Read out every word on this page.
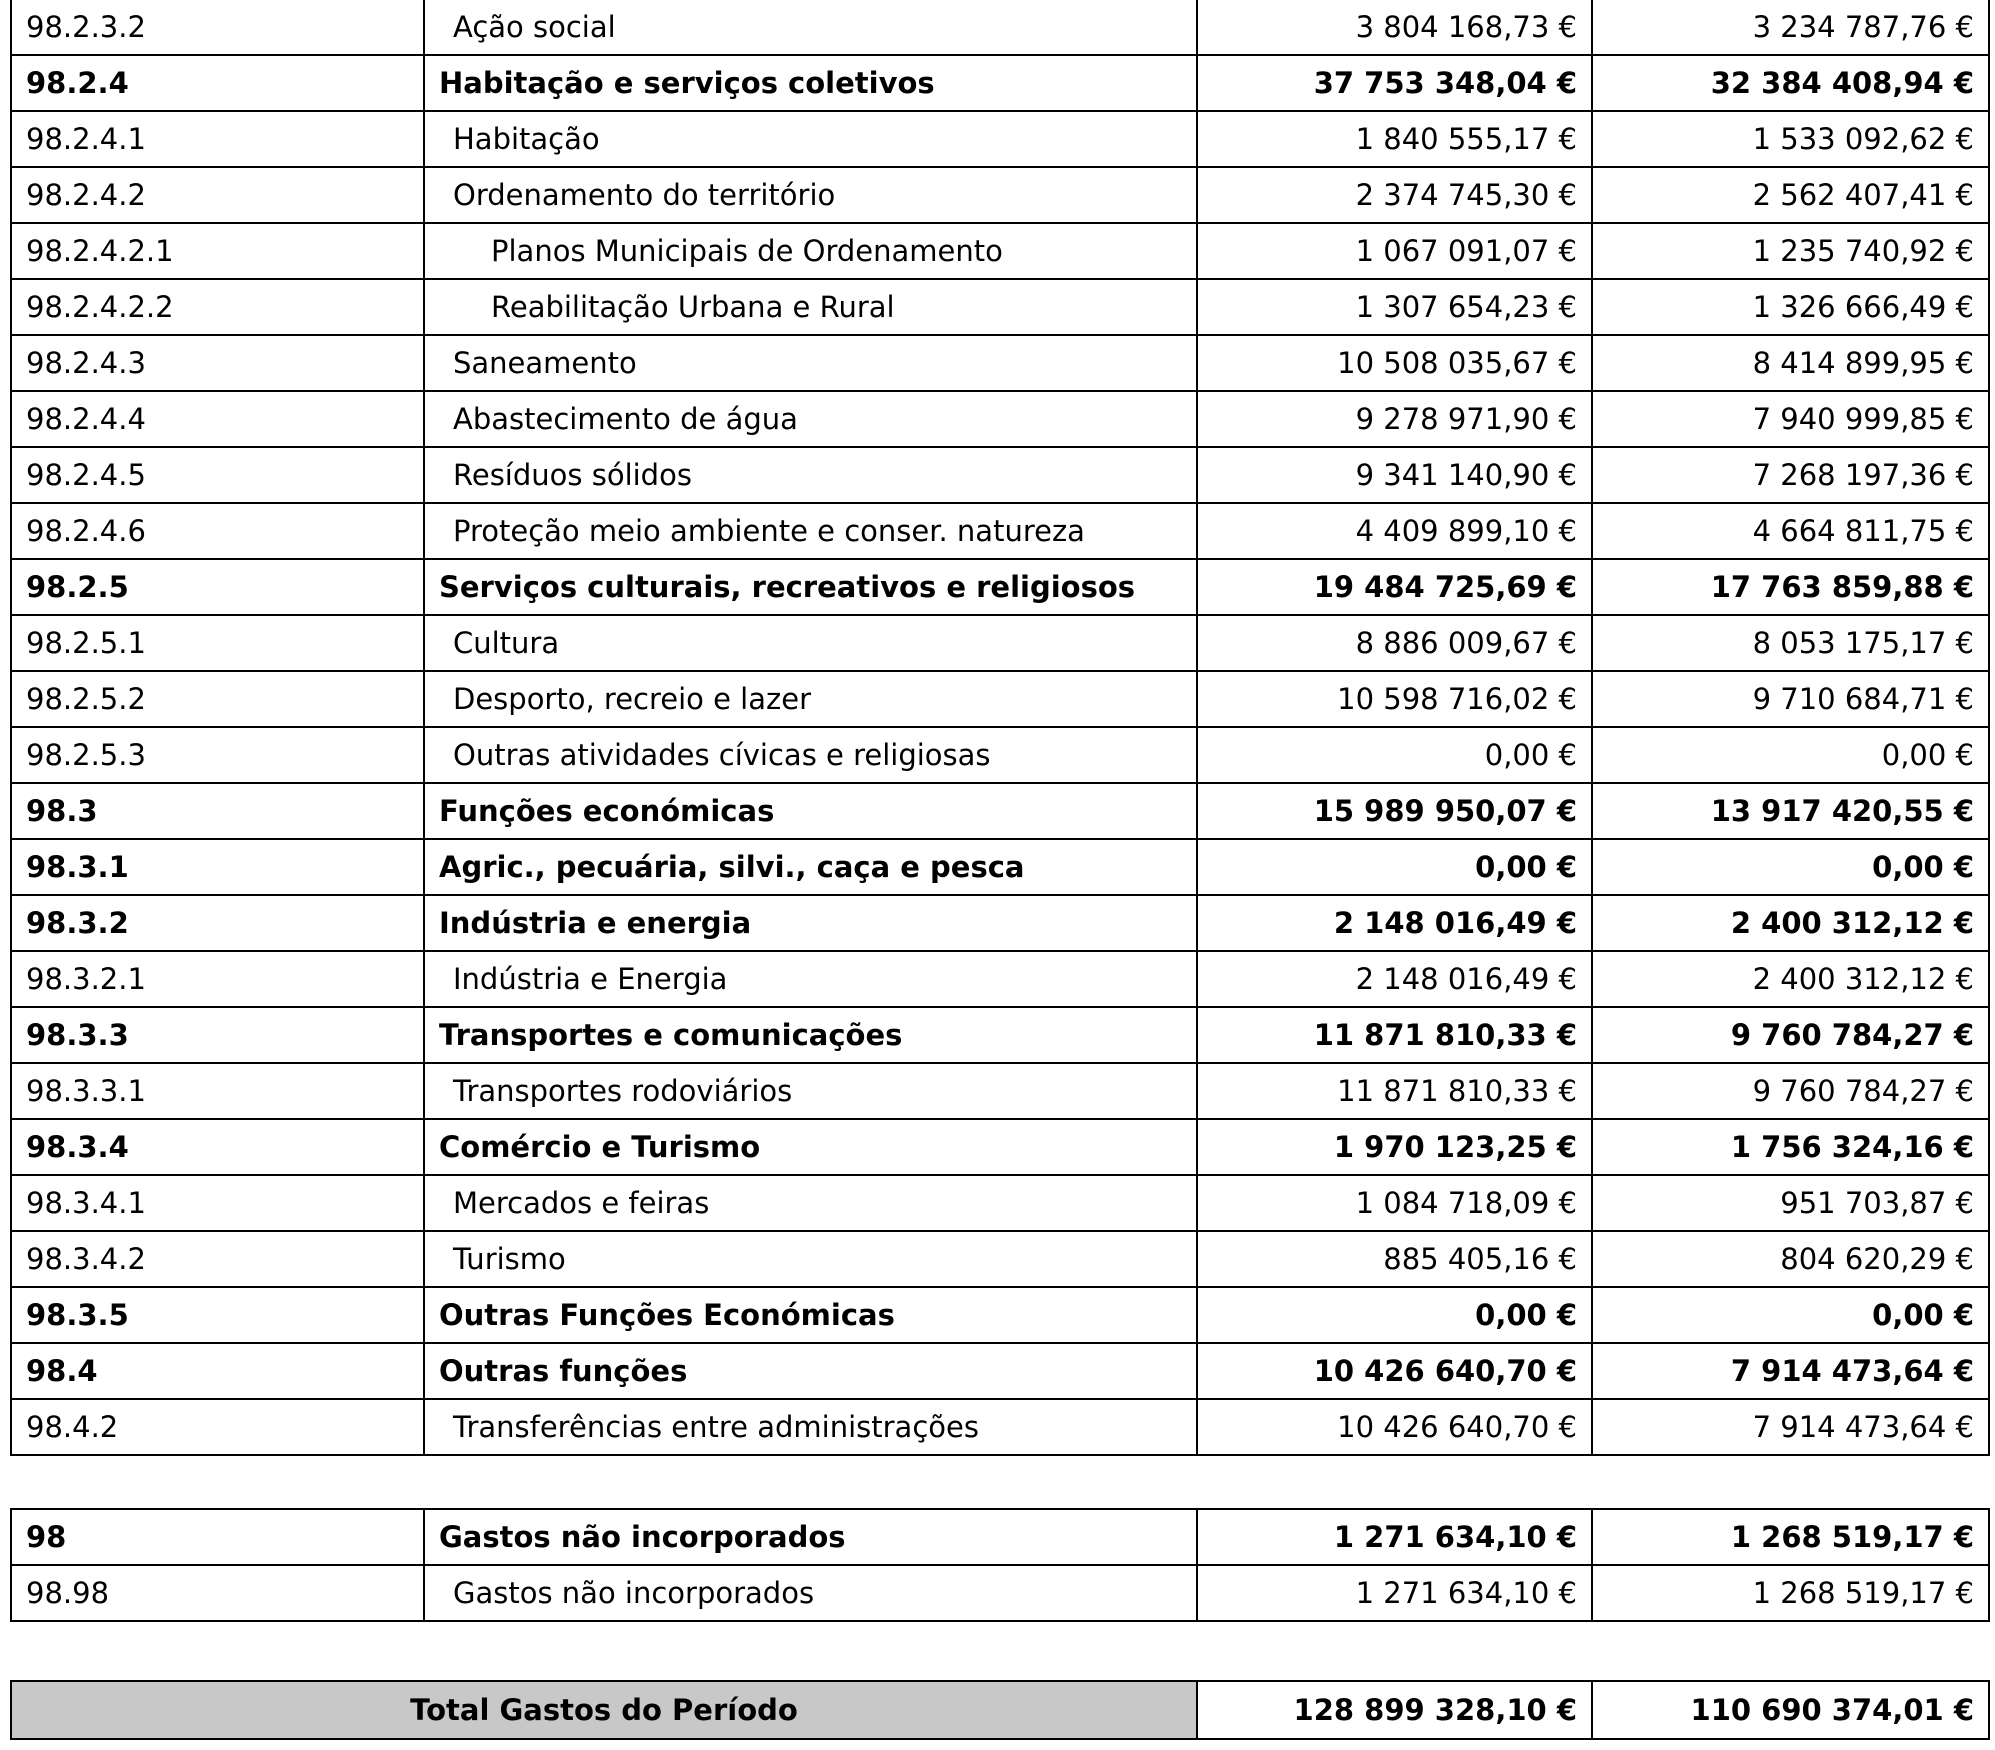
98.2.3.2	Ação social	3 804 168,73 €	3 234 787,76 €
98.2.4	Habitação e serviços coletivos	37 753 348,04 €	32 384 408,94 €
98.2.4.1	Habitação	1 840 555,17 €	1 533 092,62 €
98.2.4.2	Ordenamento do território	2 374 745,30 €	2 562 407,41 €
98.2.4.2.1	Planos Municipais de Ordenamento	1 067 091,07 €	1 235 740,92 €
98.2.4.2.2	Reabilitação Urbana e Rural	1 307 654,23 €	1 326 666,49 €
98.2.4.3	Saneamento	10 508 035,67 €	8 414 899,95 €
98.2.4.4	Abastecimento de água	9 278 971,90 €	7 940 999,85 €
98.2.4.5	Resíduos sólidos	9 341 140,90 €	7 268 197,36 €
98.2.4.6	Proteção meio ambiente e conser. natureza	4 409 899,10 €	4 664 811,75 €
98.2.5	Serviços culturais, recreativos e religiosos	19 484 725,69 €	17 763 859,88 €
98.2.5.1	Cultura	8 886 009,67 €	8 053 175,17 €
98.2.5.2	Desporto, recreio e lazer	10 598 716,02 €	9 710 684,71 €
98.2.5.3	Outras atividades cívicas e religiosas	0,00 €	0,00 €
98.3	Funções económicas	15 989 950,07 €	13 917 420,55 €
98.3.1	Agric., pecuária, silvi., caça e pesca	0,00 €	0,00 €
98.3.2	Indústria e energia	2 148 016,49 €	2 400 312,12 €
98.3.2.1	Indústria e Energia	2 148 016,49 €	2 400 312,12 €
98.3.3	Transportes e comunicações	11 871 810,33 €	9 760 784,27 €
98.3.3.1	Transportes rodoviários	11 871 810,33 €	9 760 784,27 €
98.3.4	Comércio e Turismo	1 970 123,25 €	1 756 324,16 €
98.3.4.1	Mercados e feiras	1 084 718,09 €	951 703,87 €
98.3.4.2	Turismo	885 405,16 €	804 620,29 €
98.3.5	Outras Funções Económicas	0,00 €	0,00 €
98.4	Outras funções	10 426 640,70 €	7 914 473,64 €
98.4.2	Transferências entre administrações	10 426 640,70 €	7 914 473,64 €
98	Gastos não incorporados	1 271 634,10 €	1 268 519,17 €
98.98	Gastos não incorporados	1 271 634,10 €	1 268 519,17 €
Total Gastos do Período	128 899 328,10 €	110 690 374,01 €
